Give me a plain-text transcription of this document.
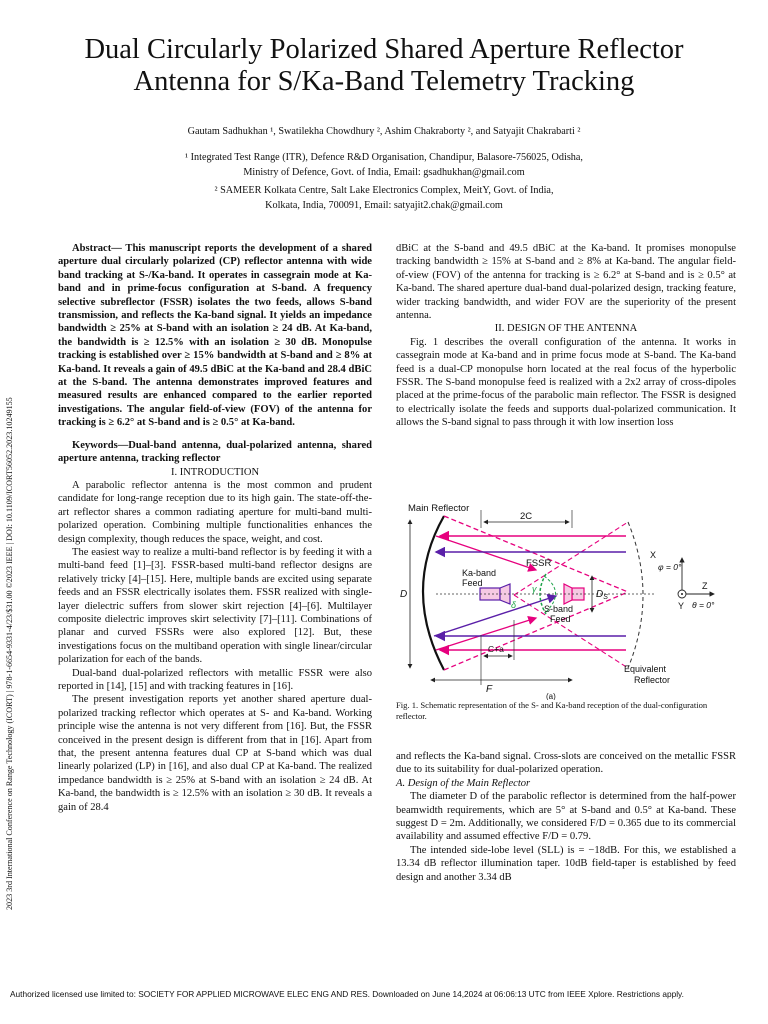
Dual Circularly Polarized Shared Aperture Reflector
Antenna for S/Ka-Band Telemetry Tracking
Gautam Sadhukhan ¹, Swatilekha Chowdhury ², Ashim Chakraborty ², and Satyajit Chakrabarti ²
¹ Integrated Test Range (ITR), Defence R&D Organisation, Chandipur, Balasore-756025, Odisha,
Ministry of Defence, Govt. of India, Email: gsadhukhan@gmail.com
² SAMEER Kolkata Centre, Salt Lake Electronics Complex, MeitY, Govt. of India,
Kolkata, India, 700091, Email: satyajit2.chak@gmail.com
2023 3rd International Conference on Range Technology (ICORT) | 978-1-6654-9331-4/23/$31.00 ©2023 IEEE | DOI: 10.1109/ICORT56052.2023.10249155

Abstract— This manuscript reports the development of a shared aperture dual circularly polarized (CP) reflector antenna with wide band tracking at S-/Ka-band. It operates in cassegrain mode at Ka-band and in prime-focus configuration at S-band. A frequency selective subreflector (FSSR) isolates the two feeds, allows S-band transmission, and reflects the Ka-band signal. It yields an impedance bandwidth ≥ 25% at S-band with an isolation ≥ 24 dB. At Ka-band, the bandwidth is ≥ 12.5% with an isolation ≥ 30 dB. Monopulse tracking is established over ≥ 15% bandwidth at S-band and ≥ 8% at Ka-band. It reveals a gain of 49.5 dBiC at the Ka-band and 28.4 dBiC at the S-band. The antenna demonstrates improved features and measured results are enhanced compared to the earlier reported investigations. The angular field-of-view (FOV) of the antenna for tracking is ≥ 6.2° at S-band and is ≥ 0.5° at Ka-band.

Keywords—Dual-band antenna, dual-polarized antenna, shared aperture antenna, tracking reflector

I. INTRODUCTION

A parabolic reflector antenna is the most common and prudent candidate for long-range reception due to its high gain. The state-off-the-art reflector shares a common radiating aperture for multi-band multi-polarized operation. Combining multiple functionalities enhances the design complexity, though reduces the space, weight, and cost.

The easiest way to realize a multi-band reflector is by feeding it with a multi-band feed [1]–[3]. FSSR-based multi-band reflector designs are relatively tricky [4]–[15]. Here, multiple bands are excited using separate feeds and an FSSR electrically isolates them. FSSR realized with single-layer dielectric suffers from slower skirt rejection [4]–[6]. Multilayer composite dielectric improves skirt selectivity [7]–[11]. Combinations of planar and curved FSSRs were also explored [12]. But, these investigations focus on the multiband operation with single linear/circular polarization for each of the bands.

Dual-band dual-polarized reflectors with metallic FSSR were also reported in [14], [15] and with tracking features in [16].

The present investigation reports yet another shared aperture dual-polarized tracking reflector which operates at S- and Ka-band. Working principle wise the antenna is not very different from [16]. But, the FSSR conceived in the present design is different from that in [16]. Apart from that, the present antenna features dual CP at S-band which was dual linearly polarized (LP) in [16], and also dual CP at Ka-band. The realized impedance bandwidth is ≥ 25% at S-band with an isolation ≥ 24 dB. At Ka-band, the bandwidth is ≥ 12.5% with an isolation ≥ 30 dB. It reveals a gain of 28.4

dBiC at the S-band and 49.5 dBiC at the Ka-band. It promises monopulse tracking bandwidth ≥ 15% at S-band and ≥ 8% at Ka-band. The angular field-of-view (FOV) of the antenna for tracking is ≥ 6.2° at S-band and is ≥ 0.5° at Ka-band. The shared aperture dual-band dual-polarized design, tracking feature, wider tracking bandwidth, and wider FOV are the superiority of the present antenna.

II. DESIGN OF THE ANTENNA

Fig. 1 describes the overall configuration of the antenna. It works in cassegrain mode at Ka-band and in prime focus mode at S-band. The Ka-band feed is a dual-CP monopulse horn located at the real focus of the hyperbolic FSSR. The S-band monopulse feed is realized with a 2x2 array of cross-dipoles placed at the prime-focus of the parabolic main reflector. The FSSR is designed to electrically isolate the feeds and supports dual-polarized communication. It allows the S-band signal to pass through it with low insertion loss

Main Reflector
2C
FSSR
Ka-band
Feed
S-band
Feed
D	$D_S$
δ
γ
C+a
F
Equivalent
Reflector
(a)
X
φ = 0°
Z
Y θ = 0°
Fig. 1. Schematic representation of the S- and Ka-band reception of the dual-configuration reflector.

and reflects the Ka-band signal. Cross-slots are conceived on the metallic FSSR due to its suitability for dual-polarized operation.

A. Design of the Main Reflector

The diameter D of the parabolic reflector is determined from the half-power beamwidth requirements, which are 5° at S-band and 0.5° at Ka-band. These suggest D = 2m. Additionally, we considered F/D = 0.365 due to its commercial availability and assumed effective F/D = 0.79.

The intended side-lobe level (SLL) is = −18dB. For this, we established a 13.34 dB reflector illumination taper. 10dB field-taper is established by feed design and another 3.34 dB

Authorized licensed use limited to: SOCIETY FOR APPLIED MICROWAVE ELEC ENG AND RES. Downloaded on June 14,2024 at 06:06:13 UTC from IEEE Xplore. Restrictions apply.
